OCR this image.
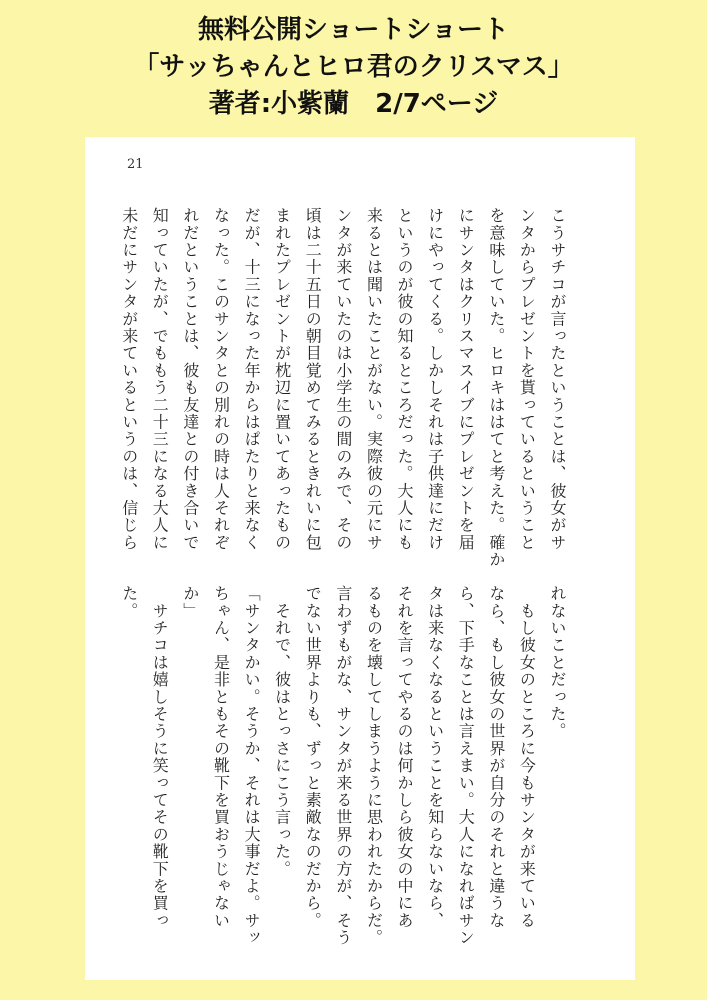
無料公開ショートショート
「サッちゃんとヒロ君のクリスマス」
著者:小紫蘭　2/7ページ
21
こうサチコが言ったということは、彼女がサ
ンタからプレゼントを貰っているということ
を意味していた。ヒロキははてと考えた。確か
にサンタはクリスマスイブにプレゼントを届
けにやってくる。しかしそれは子供達にだけ
というのが彼の知るところだった。大人にも
来るとは聞いたことがない。実際彼の元にサ
ンタが来ていたのは小学生の間のみで、その
頃は二十五日の朝目覚めてみるときれいに包
まれたプレゼントが枕辺に置いてあったもの
だが、十三になった年からはぱたりと来なく
なった。このサンタとの別れの時は人それぞ
れだということは、彼も友達との付き合いで
知っていたが、でももう二十三になる大人に
未だにサンタが来ているというのは、信じら
れないことだった。
　もし彼女のところに今もサンタが来ている
なら、もし彼女の世界が自分のそれと違うな
ら、下手なことは言えまい。大人になればサン
タは来なくなるということを知らないなら、
それを言ってやるのは何かしら彼女の中にあ
るものを壊してしまうように思われたからだ。
言わずもがな、サンタが来る世界の方が、そう
でない世界よりも、ずっと素敵なのだから。
　それで、彼はとっさにこう言った。
「サンタかい。そうか、それは大事だよ。サッ
ちゃん、是非ともその靴下を買おうじゃない
か」
　サチコは嬉しそうに笑ってその靴下を買っ
た。
